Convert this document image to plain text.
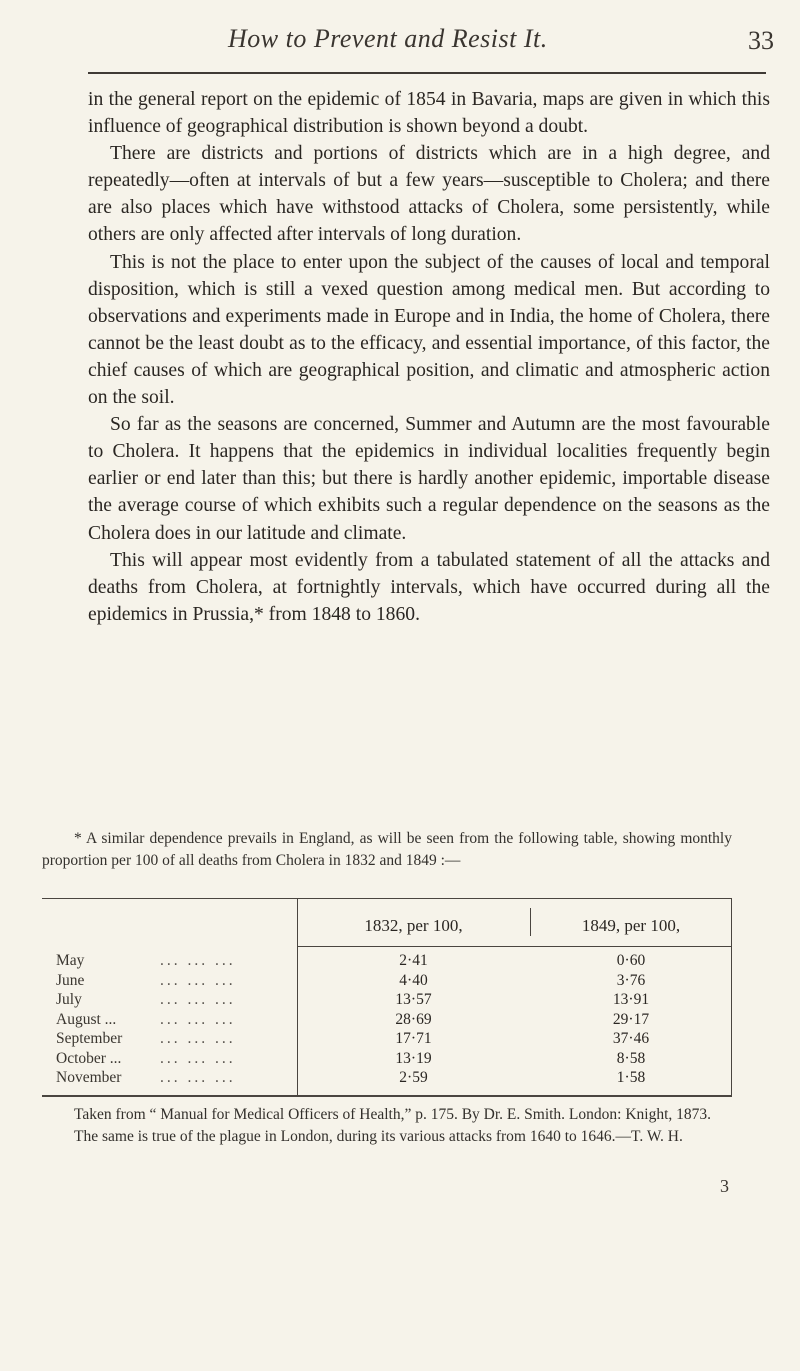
How to Prevent and Resist It.	33

in the general report on the epidemic of 1854 in Bavaria, maps are given in which this influence of geographical distribution is shown beyond a doubt.

There are districts and portions of districts which are in a high degree, and repeatedly—often at intervals of but a few years—susceptible to Cholera; and there are also places which have withstood attacks of Cholera, some persistently, while others are only affected after intervals of long duration.

This is not the place to enter upon the subject of the causes of local and temporal disposition, which is still a vexed question among medical men. But according to observations and experiments made in Europe and in India, the home of Cholera, there cannot be the least doubt as to the efficacy, and essential importance, of this factor, the chief causes of which are geographical position, and climatic and atmospheric action on the soil.

So far as the seasons are concerned, Summer and Autumn are the most favourable to Cholera. It happens that the epidemics in individual localities frequently begin earlier or end later than this; but there is hardly another epidemic, importable disease the average course of which exhibits such a regular dependence on the seasons as the Cholera does in our latitude and climate.

This will appear most evidently from a tabulated statement of all the attacks and deaths from Cholera, at fortnightly intervals, which have occurred during all the epidemics in Prussia,* from 1848 to 1860.

* A similar dependence prevails in England, as will be seen from the following table, showing monthly proportion per 100 of all deaths from Cholera in 1832 and 1849 :—

1832, per 100,	1849, per 100,
May	... ... ...	2·41	0·60
June	... ... ...	4·40	3·76
July	... ... ...	13·57	13·91
August ...	... ... ...	28·69	29·17
September ... ... ...	17·71	37·46
October ... ... ... ...	13·19	8·58
November ... ... ...	2·59	1·58

Taken from “ Manual for Medical Officers of Health,” p. 175. By Dr. E. Smith. London: Knight, 1873.

The same is true of the plague in London, during its various attacks from 1640 to 1646.—T. W. H.

3
